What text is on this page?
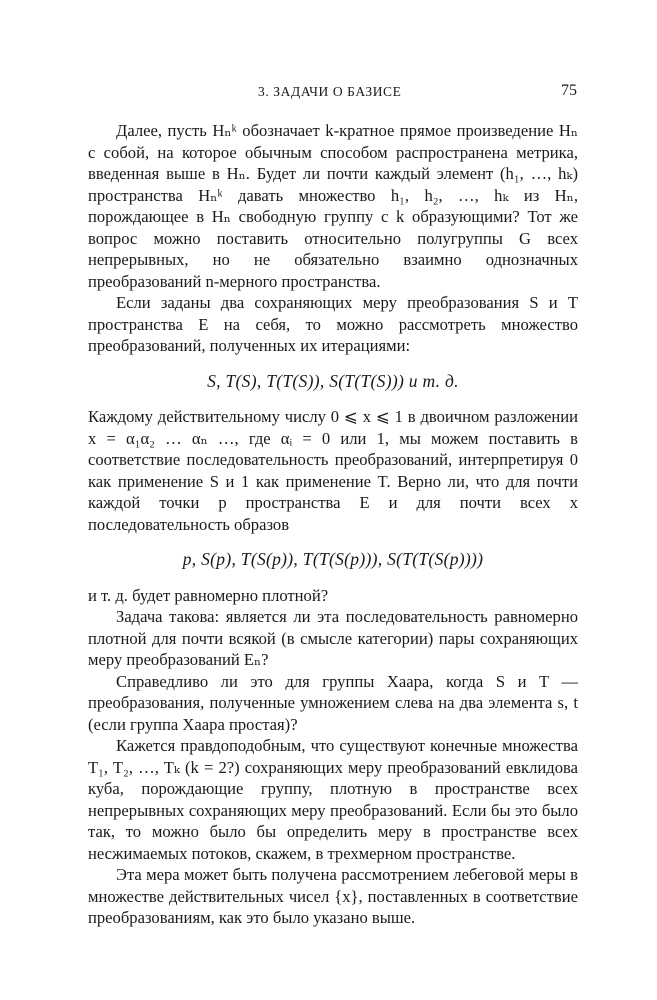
3. ЗАДАЧИ О БАЗИСЕ	75

Далее, пусть Hₙᵏ обозначает k-кратное прямое произведение Hₙ с собой, на которое обычным способом распространена метрика, введенная выше в Hₙ. Будет ли почти каждый элемент (h₁, …, hₖ) пространства Hₙᵏ давать множество h₁, h₂, …, hₖ из Hₙ, порождающее в Hₙ свободную группу с k образующими? Тот же вопрос можно поставить относительно полугруппы G всех непрерывных, но не обязательно взаимно однозначных преобразований n-мерного пространства.

Если заданы два сохраняющих меру преобразования S и T пространства E на себя, то можно рассмотреть множество преобразований, полученных их итерациями:

S, T(S), T(T(S)), S(T(T(S))) и т. д.

Каждому действительному числу 0 ⩽ x ⩽ 1 в двоичном разложении x = α₁α₂ … αₙ …, где αᵢ = 0 или 1, мы можем поставить в соответствие последовательность преобразований, интерпретируя 0 как применение S и 1 как применение T. Верно ли, что для почти каждой точки p пространства E и для почти всех x последовательность образов

p, S(p), T(S(p)), T(T(S(p))), S(T(T(S(p))))

и т. д. будет равномерно плотной?

Задача такова: является ли эта последовательность равномерно плотной для почти всякой (в смысле категории) пары сохраняющих меру преобразований Eₙ?

Справедливо ли это для группы Хаара, когда S и T — преобразования, полученные умножением слева на два элемента s, t (если группа Хаара простая)?

Кажется правдоподобным, что существуют конечные множества T₁, T₂, …, Tₖ (k = 2?) сохраняющих меру преобразований евклидова куба, порождающие группу, плотную в пространстве всех непрерывных сохраняющих меру преобразований. Если бы это было так, то можно было бы определить меру в пространстве всех несжимаемых потоков, скажем, в трехмерном пространстве.

Эта мера может быть получена рассмотрением лебеговой меры в множестве действительных чисел {x}, поставленных в соответствие преобразованиям, как это было указано выше.
